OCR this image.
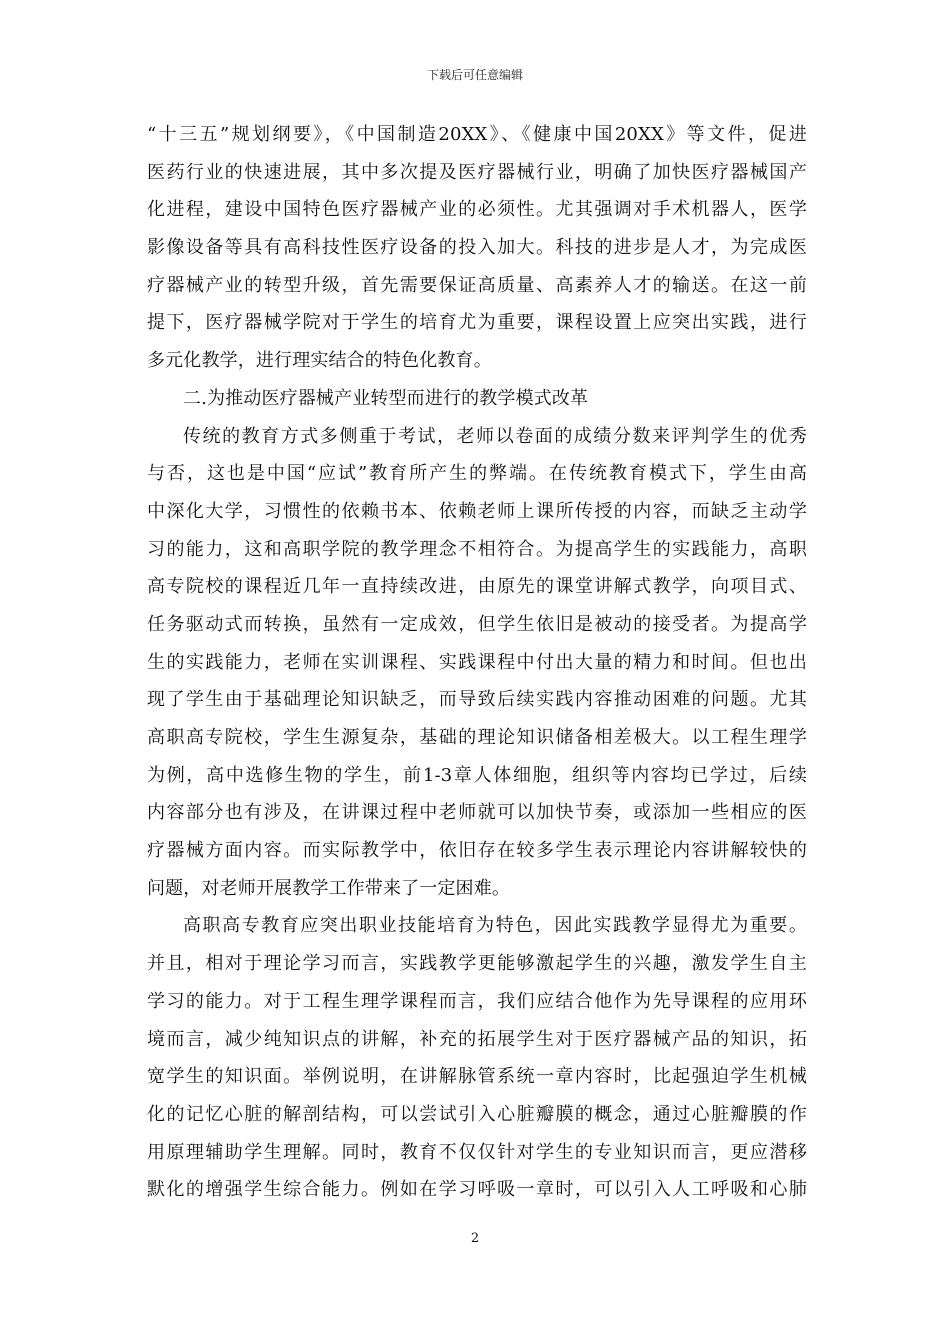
下载后可任意编辑
“十三五”规划纲要》，《中国制造20XX》、《健康中国20XX》等文件，促进
医药行业的快速进展，其中多次提及医疗器械行业，明确了加快医疗器械国产
化进程，建设中国特色医疗器械产业的必须性。尤其强调对手术机器人，医学
影像设备等具有高科技性医疗设备的投入加大。科技的进步是人才，为完成医
疗器械产业的转型升级，首先需要保证高质量、高素养人才的输送。在这一前
提下，医疗器械学院对于学生的培育尤为重要，课程设置上应突出实践，进行
多元化教学，进行理实结合的特色化教育。
二.为推动医疗器械产业转型而进行的教学模式改革
传统的教育方式多侧重于考试，老师以卷面的成绩分数来评判学生的优秀
与否，这也是中国“应试”教育所产生的弊端。在传统教育模式下，学生由高
中深化大学，习惯性的依赖书本、依赖老师上课所传授的内容，而缺乏主动学
习的能力，这和高职学院的教学理念不相符合。为提高学生的实践能力，高职
高专院校的课程近几年一直持续改进，由原先的课堂讲解式教学，向项目式、
任务驱动式而转换，虽然有一定成效，但学生依旧是被动的接受者。为提高学
生的实践能力，老师在实训课程、实践课程中付出大量的精力和时间。但也出
现了学生由于基础理论知识缺乏，而导致后续实践内容推动困难的问题。尤其
高职高专院校，学生生源复杂，基础的理论知识储备相差极大。以工程生理学
为例，高中选修生物的学生，前1-3章人体细胞，组织等内容均已学过，后续
内容部分也有涉及，在讲课过程中老师就可以加快节奏，或添加一些相应的医
疗器械方面内容。而实际教学中，依旧存在较多学生表示理论内容讲解较快的
问题，对老师开展教学工作带来了一定困难。
高职高专教育应突出职业技能培育为特色，因此实践教学显得尤为重要。
并且，相对于理论学习而言，实践教学更能够激起学生的兴趣，激发学生自主
学习的能力。对于工程生理学课程而言，我们应结合他作为先导课程的应用环
境而言，减少纯知识点的讲解，补充的拓展学生对于医疗器械产品的知识，拓
宽学生的知识面。举例说明，在讲解脉管系统一章内容时，比起强迫学生机械
化的记忆心脏的解剖结构，可以尝试引入心脏瓣膜的概念，通过心脏瓣膜的作
用原理辅助学生理解。同时，教育不仅仅针对学生的专业知识而言，更应潜移
默化的增强学生综合能力。例如在学习呼吸一章时，可以引入人工呼吸和心肺
2
